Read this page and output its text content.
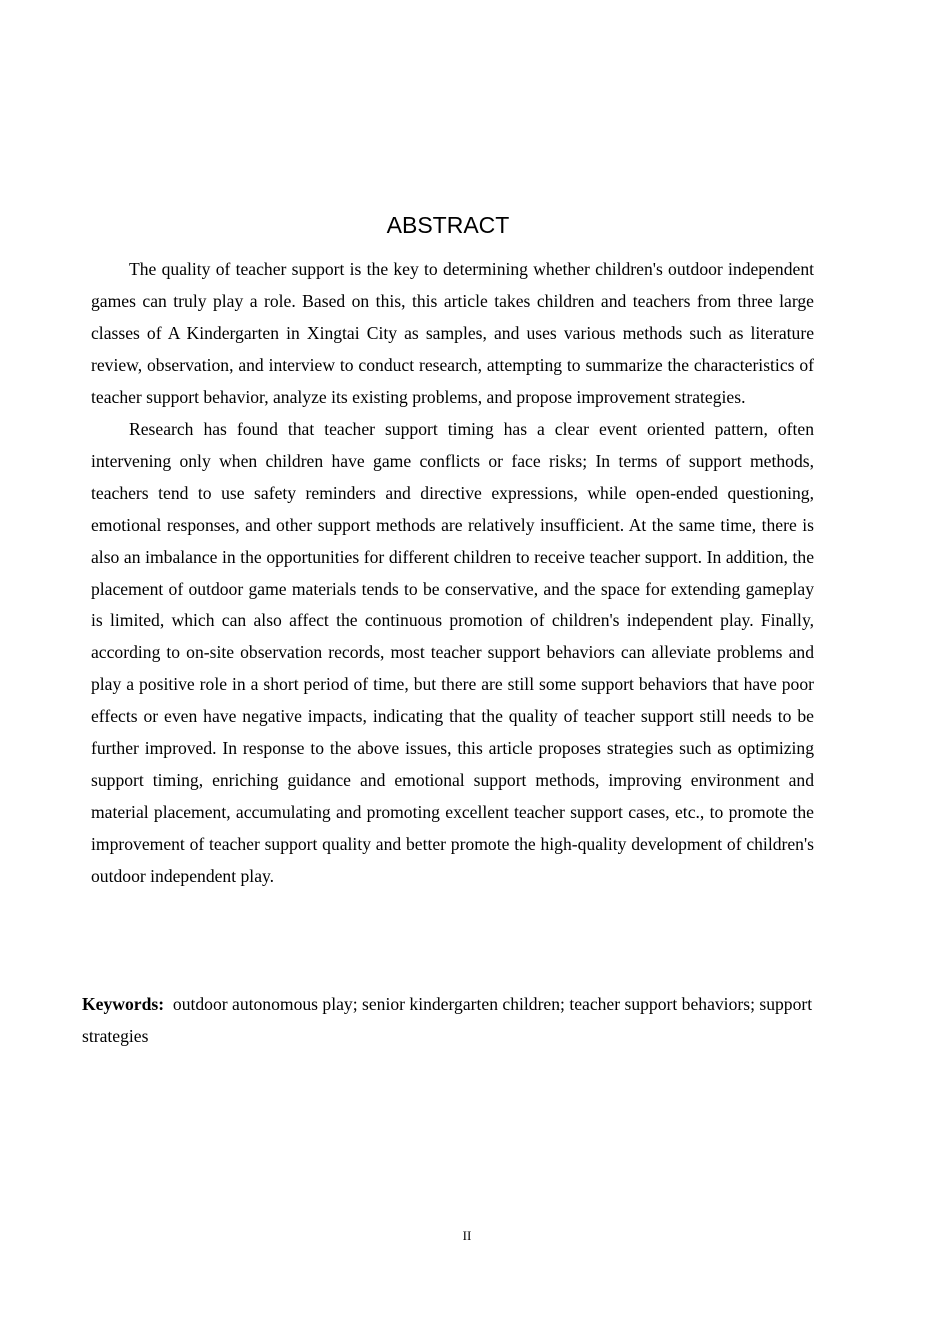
ABSTRACT

The quality of teacher support is the key to determining whether children's outdoor independent games can truly play a role. Based on this, this article takes children and teachers from three large classes of A Kindergarten in Xingtai City as samples, and uses various methods such as literature review, observation, and interview to conduct research, attempting to summarize the characteristics of teacher support behavior, analyze its existing problems, and propose improvement strategies.

Research has found that teacher support timing has a clear event oriented pattern, often intervening only when children have game conflicts or face risks; In terms of support methods, teachers tend to use safety reminders and directive expressions, while open-ended questioning, emotional responses, and other support methods are relatively insufficient. At the same time, there is also an imbalance in the opportunities for different children to receive teacher support. In addition, the placement of outdoor game materials tends to be conservative, and the space for extending gameplay is limited, which can also affect the continuous promotion of children's independent play. Finally, according to on-site observation records, most teacher support behaviors can alleviate problems and play a positive role in a short period of time, but there are still some support behaviors that have poor effects or even have negative impacts, indicating that the quality of teacher support still needs to be further improved. In response to the above issues, this article proposes strategies such as optimizing support timing, enriching guidance and emotional support methods, improving environment and material placement, accumulating and promoting excellent teacher support cases, etc., to promote the improvement of teacher support quality and better promote the high-quality development of children's outdoor independent play.

Keywords: outdoor autonomous play; senior kindergarten children; teacher support behaviors; support strategies

II
